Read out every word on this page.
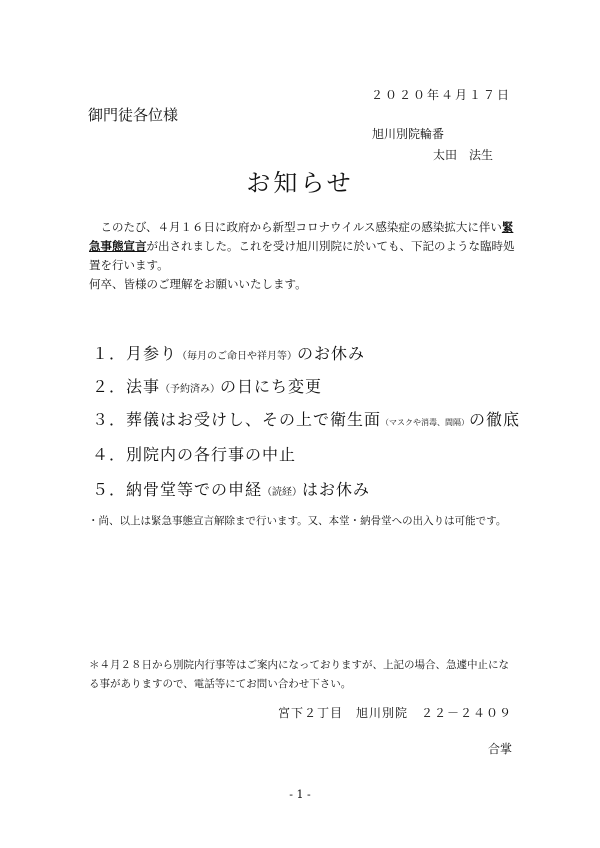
２０２０年４月１７日
御門徒各位様
旭川別院輪番
太田　法生
お知らせ

　このたび、４月１６日に政府から新型コロナウイルス感染症の感染拡大に伴い緊急事態宣言が出されました。これを受け旭川別院に於いても、下記のような臨時処置を行います。

何卒、皆様のご理解をお願いいたします。

１．月参り（毎月のご命日や祥月等）のお休み
２．法事（予約済み）の日にち変更
３．葬儀はお受けし、その上で衛生面（マスクや消毒、間隔）の徹底
４．別院内の各行事の中止
５．納骨堂等での申経（読経）はお休み
・尚、以上は緊急事態宣言解除まで行います。又、本堂・納骨堂への出入りは可能です。

＊４月２８日から別院内行事等はご案内になっておりますが、上記の場合、急遽中止にな

る事がありますので、電話等にてお問い合わせ下さい。

宮下２丁目　旭川別院　２２－２４０９
合掌
- 1 -
